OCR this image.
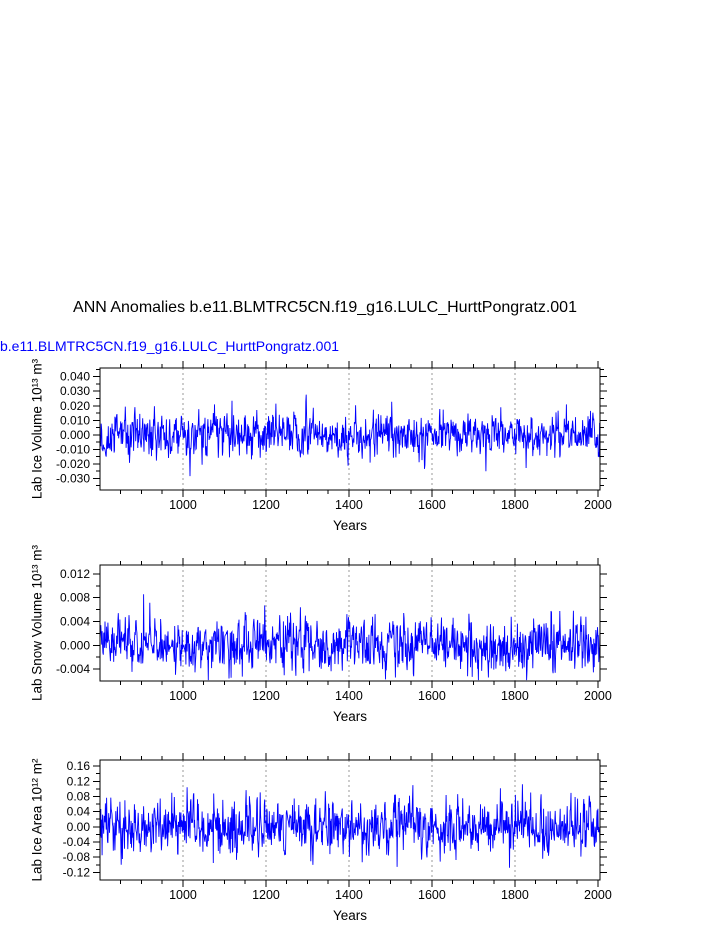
ANN Anomalies b.e11.BLMTRC5CN.f19_g16.LULC_HurttPongratz.001
b.e11.BLMTRC5CN.f19_g16.LULC_HurttPongratz.001
Lab Ice Volume 10¹³ m³
Lab Snow Volume 10¹³ m³
Lab Ice Area 10¹² m²
1000	1200	1400	1600	1800	2000
0.040
0.030
0.020
0.010
0.000
-0.010
-0.020
-0.030
Years
1000	1200	1400	1600	1800	2000
0.012
0.008
0.004
0.000
-0.004
Years
1000	1200	1400	1600	1800	2000
0.16
0.12
0.08
0.04
0.00
-0.04
-0.08
-0.12
Years
